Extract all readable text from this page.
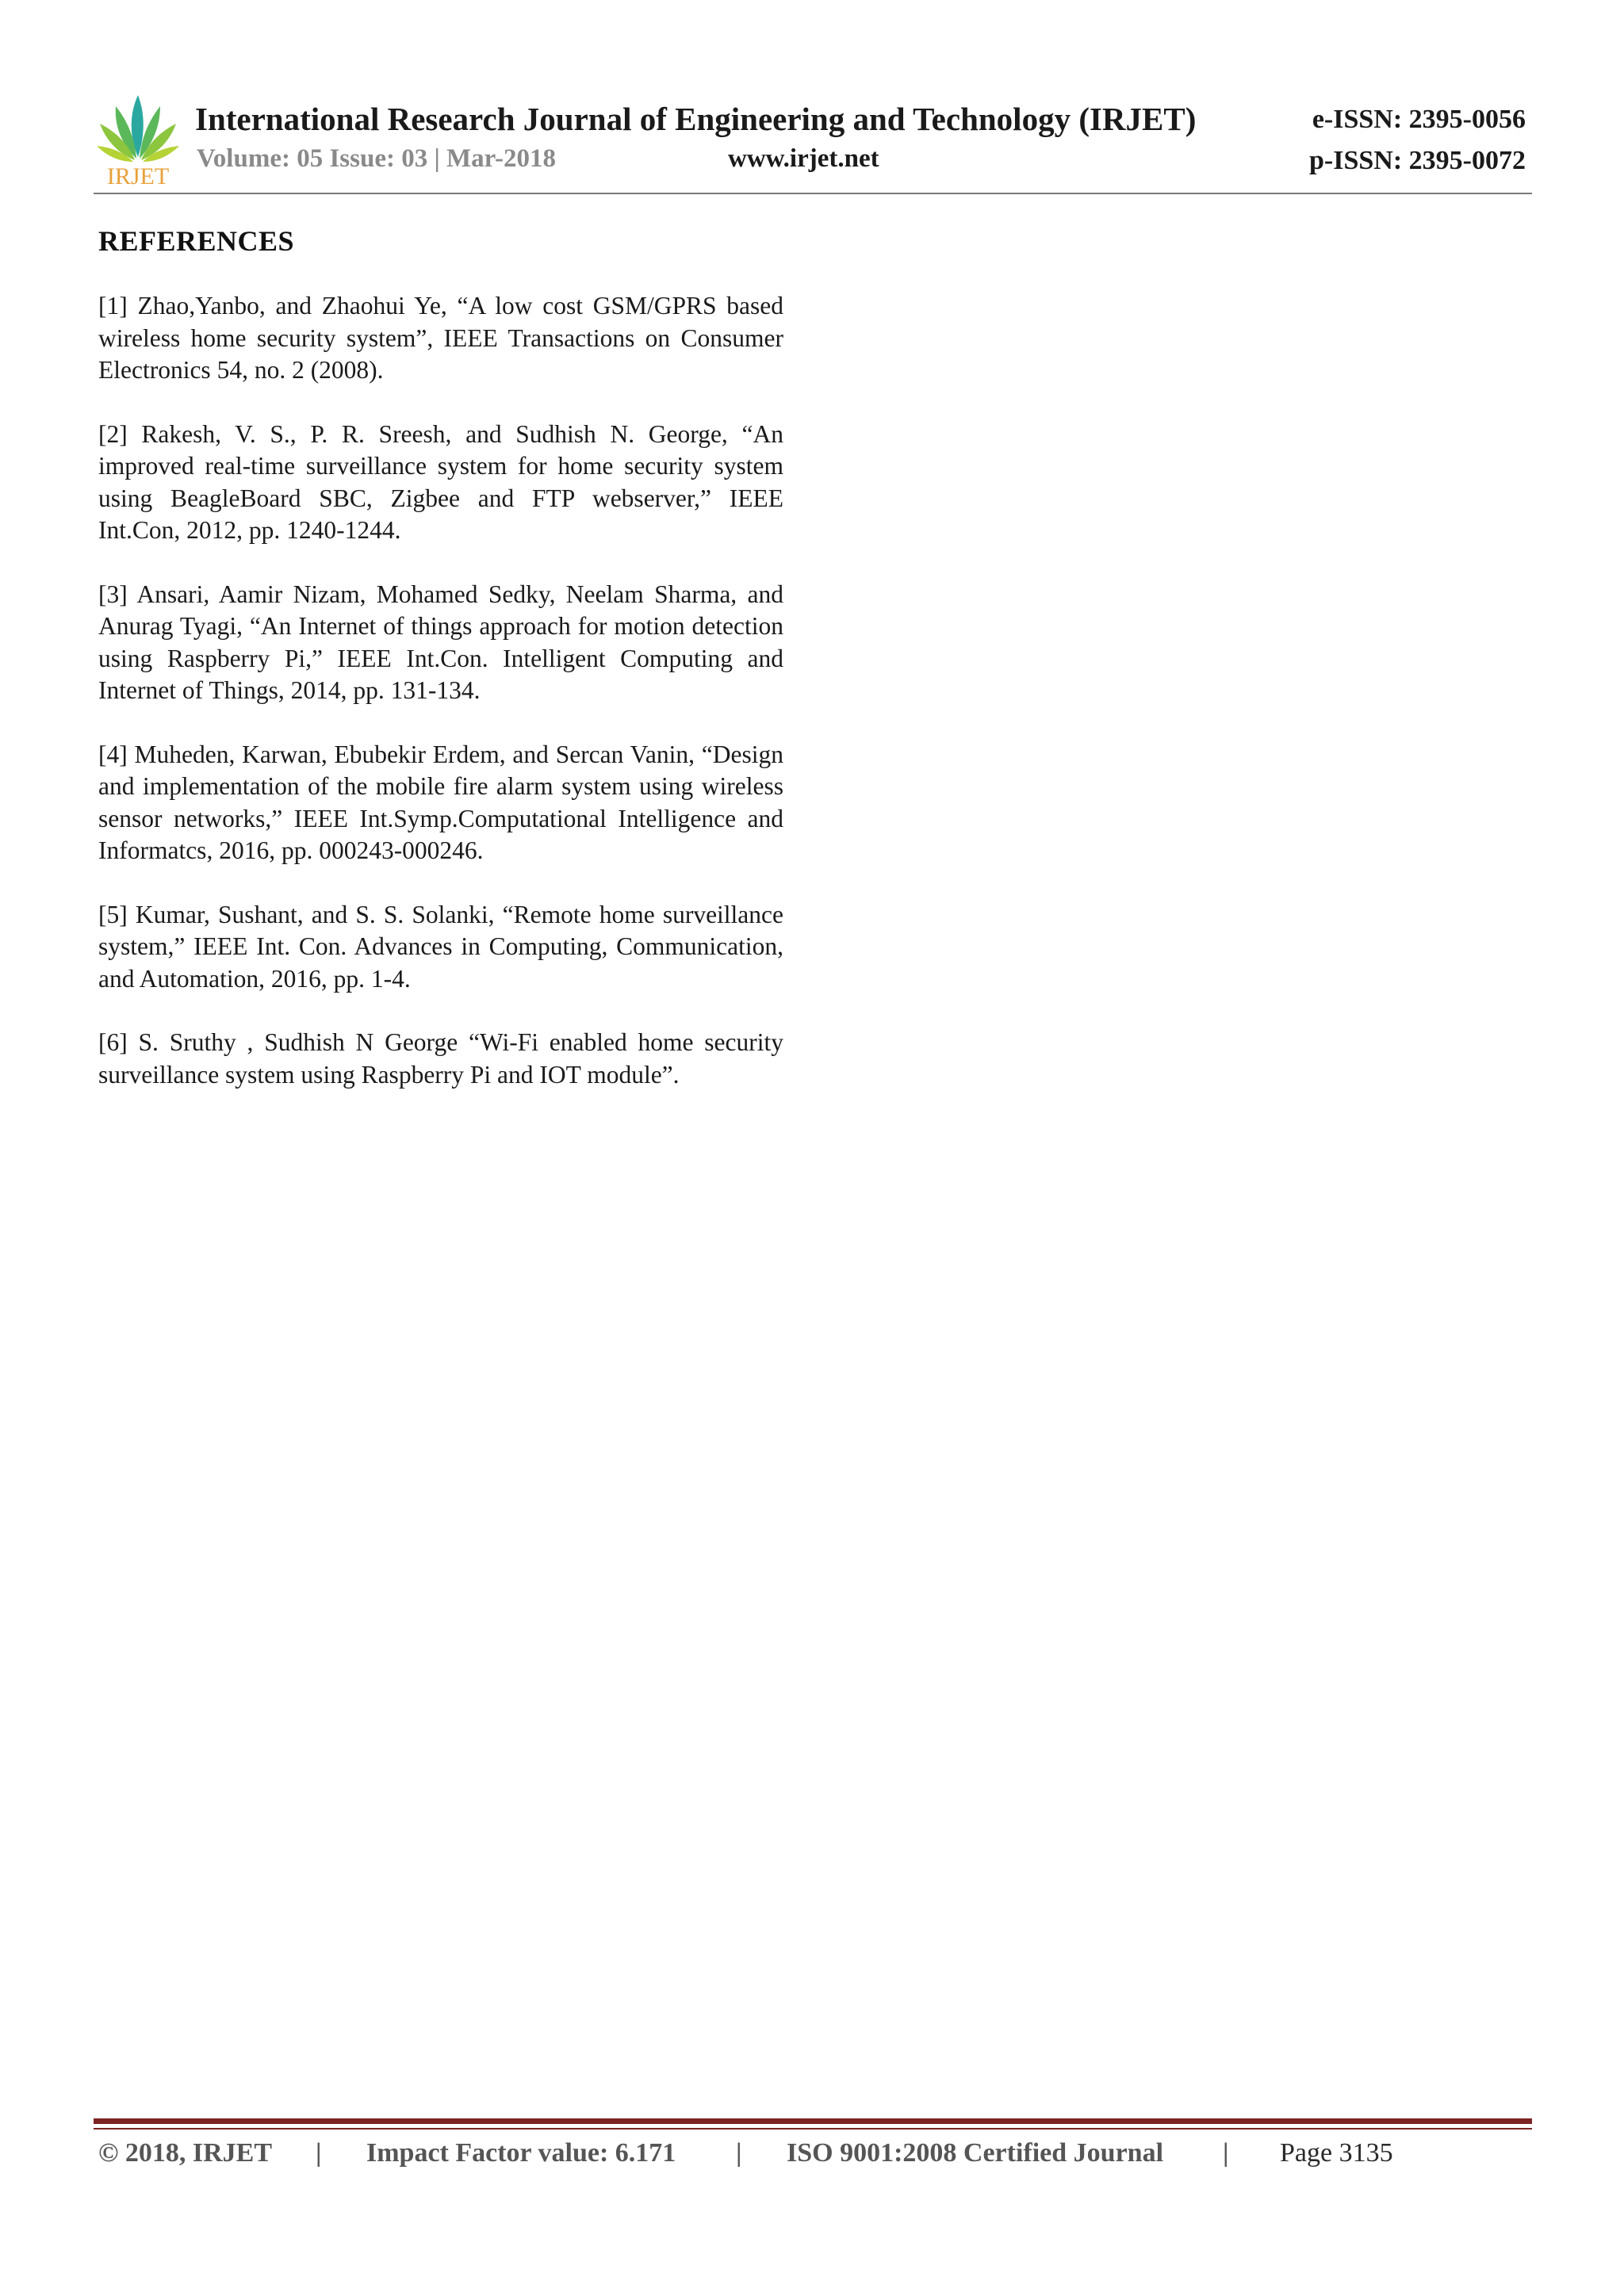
IRJET
International Research Journal of Engineering and Technology (IRJET)
Volume: 05 Issue: 03 | Mar-2018	www.irjet.net
e-ISSN: 2395-0056
p-ISSN: 2395-0072
REFERENCES

[1] Zhao,Yanbo, and Zhaohui Ye, “A low cost GSM/GPRS based wireless home security system”, IEEE Transactions on Consumer Electronics 54, no. 2 (2008).

[2] Rakesh, V. S., P. R. Sreesh, and Sudhish N. George, “An improved real-time surveillance system for home security system using BeagleBoard SBC, Zigbee and FTP webserver,” IEEE Int.Con, 2012, pp. 1240-1244.

[3] Ansari, Aamir Nizam, Mohamed Sedky, Neelam Sharma, and Anurag Tyagi, “An Internet of things approach for motion detection using Raspberry Pi,” IEEE Int.Con. Intelligent Computing and Internet of Things, 2014, pp. 131-134.

[4] Muheden, Karwan, Ebubekir Erdem, and Sercan Vanin, “Design and implementation of the mobile fire alarm system using wireless sensor networks,” IEEE Int.Symp.Computational Intelligence and Informatcs, 2016, pp. 000243-000246.

[5] Kumar, Sushant, and S. S. Solanki, “Remote home surveillance system,” IEEE Int. Con. Advances in Computing, Communication, and Automation, 2016, pp. 1-4.

[6] S. Sruthy , Sudhish N George “Wi-Fi enabled home security surveillance system using Raspberry Pi and IOT module”.

© 2018, IRJET | Impact Factor value: 6.171 | ISO 9001:2008 Certified Journal | Page 3135
